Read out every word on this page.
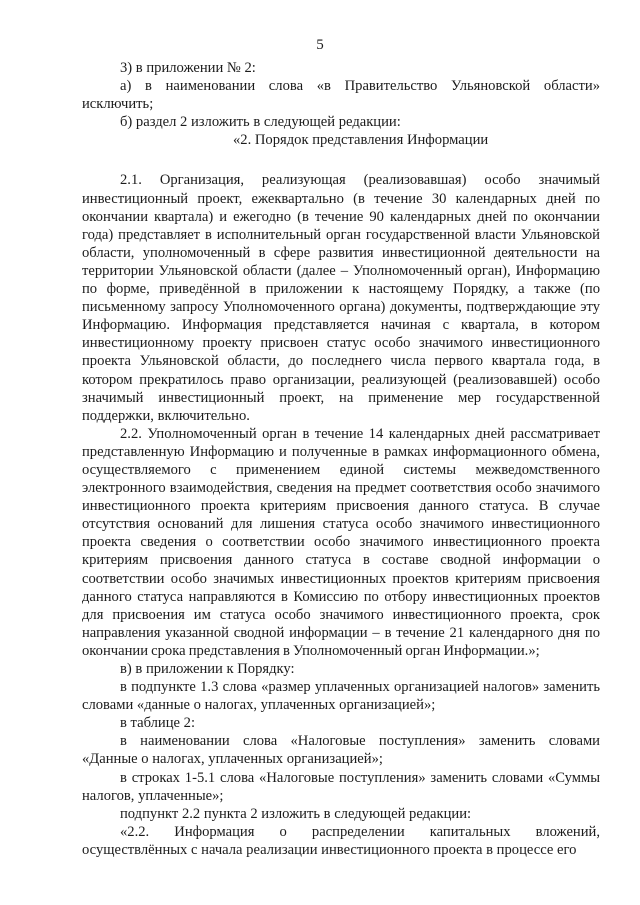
5

3) в приложении № 2:

а) в наименовании слова «в Правительство Ульяновской области» исключить;

б) раздел 2 изложить в следующей редакции:

«2. Порядок представления Информации

2.1. Организация, реализующая (реализовавшая) особо значимый инвестиционный проект, ежеквартально (в течение 30 календарных дней по окончании квартала) и ежегодно (в течение 90 календарных дней по окончании года) представляет в исполнительный орган государственной власти Ульяновской области, уполномоченный в сфере развития инвестиционной деятельности на территории Ульяновской области (далее – Уполномоченный орган), Информацию по форме, приведённой в приложении к настоящему Порядку, а также (по письменному запросу Уполномоченного органа) документы, подтверждающие эту Информацию. Информация представляется начиная с квартала, в котором инвестиционному проекту присвоен статус особо значимого инвестиционного проекта Ульяновской области, до последнего числа первого квартала года, в котором прекратилось право организации, реализующей (реализовавшей) особо значимый инвестиционный проект, на применение мер государственной поддержки, включительно.

2.2. Уполномоченный орган в течение 14 календарных дней рассматривает представленную Информацию и полученные в рамках информационного обмена, осуществляемого с применением единой системы межведомственного электронного взаимодействия, сведения на предмет соответствия особо значимого инвестиционного проекта критериям присвоения данного статуса. В случае отсутствия оснований для лишения статуса особо значимого инвестиционного проекта сведения о соответствии особо значимого инвестиционного проекта критериям присвоения данного статуса в составе сводной информации о соответствии особо значимых инвестиционных проектов критериям присвоения данного статуса направляются в Комиссию по отбору инвестиционных проектов для присвоения им статуса особо значимого инвестиционного проекта, срок направления указанной сводной информации – в течение 21 календарного дня по окончании срока представления в Уполномоченный орган Информации.»;

в) в приложении к Порядку:

в подпункте 1.3 слова «размер уплаченных организацией налогов» заменить словами «данные о налогах, уплаченных организацией»;

в таблице 2:

в наименовании слова «Налоговые поступления» заменить словами «Данные о налогах, уплаченных организацией»;

в строках 1-5.1 слова «Налоговые поступления» заменить словами «Суммы налогов, уплаченные»;

подпункт 2.2 пункта 2 изложить в следующей редакции:

«2.2. Информация о распределении капитальных вложений, осуществлённых с начала реализации инвестиционного проекта в процессе его
